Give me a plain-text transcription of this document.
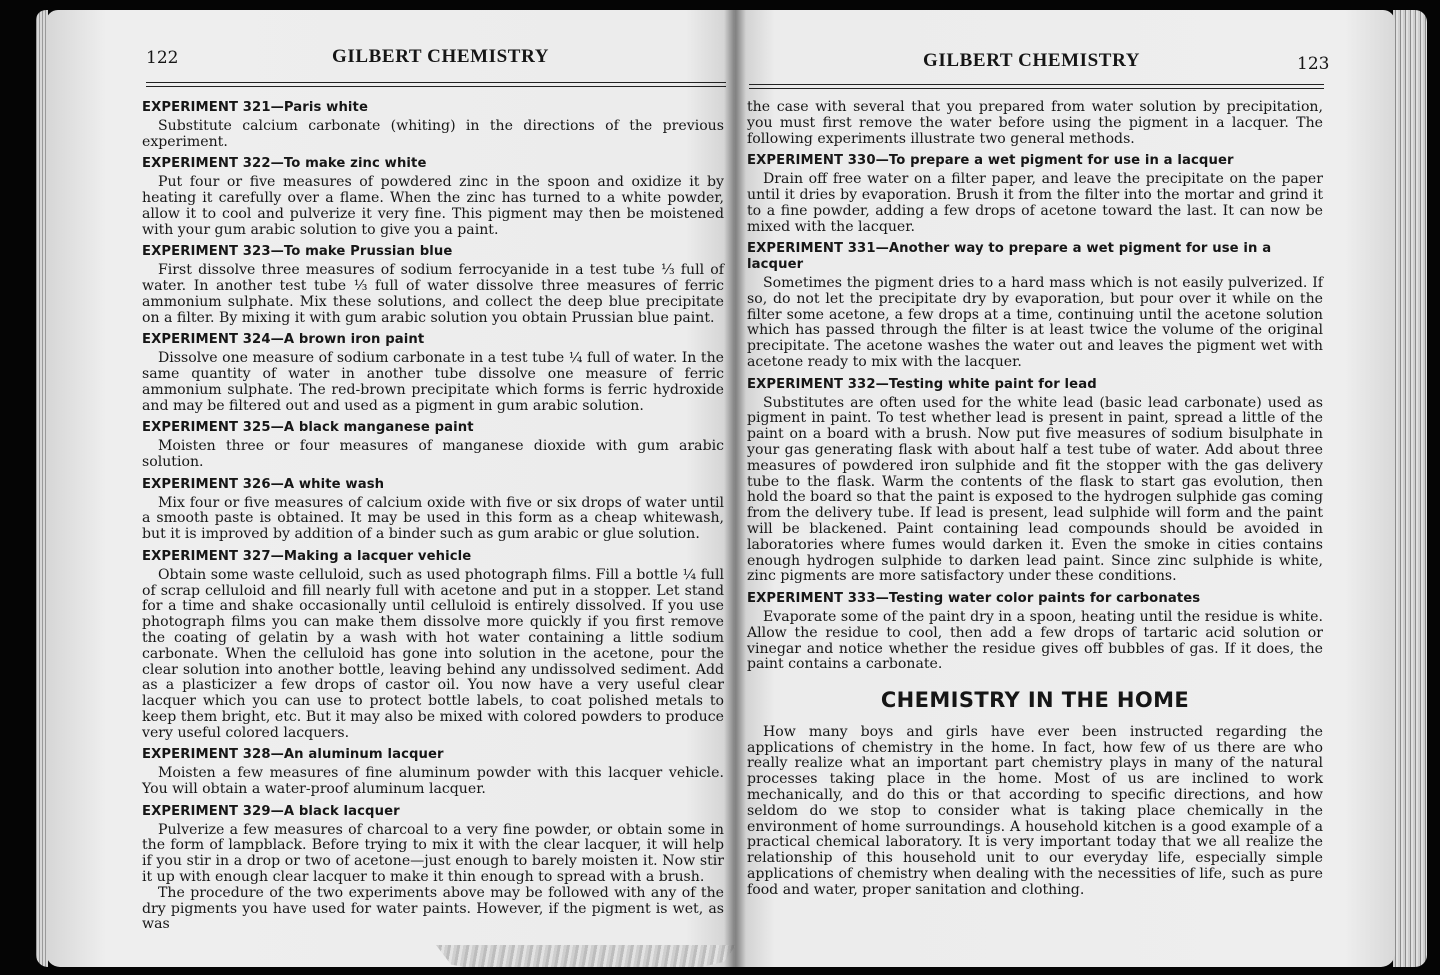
122	GILBERT CHEMISTRY
EXPERIMENT 321—Paris white

Substitute calcium carbonate (whiting) in the directions of the previous experiment.

EXPERIMENT 322—To make zinc white

Put four or five measures of powdered zinc in the spoon and oxidize it by heating it carefully over a flame. When the zinc has turned to a white powder, allow it to cool and pulverize it very fine. This pigment may then be moistened with your gum arabic solution to give you a paint.

EXPERIMENT 323—To make Prussian blue

First dissolve three measures of sodium ferrocyanide in a test tube ⅓ full of water. In another test tube ⅓ full of water dissolve three measures of ferric ammonium sulphate. Mix these solutions, and collect the deep blue precipitate on a filter. By mixing it with gum arabic solution you obtain Prussian blue paint.

EXPERIMENT 324—A brown iron paint

Dissolve one measure of sodium carbonate in a test tube ¼ full of water. In the same quantity of water in another tube dissolve one measure of ferric ammonium sulphate. The red-brown precipitate which forms is ferric hydroxide and may be filtered out and used as a pigment in gum arabic solution.

EXPERIMENT 325—A black manganese paint

Moisten three or four measures of manganese dioxide with gum arabic solution.

EXPERIMENT 326—A white wash

Mix four or five measures of calcium oxide with five or six drops of water until a smooth paste is obtained. It may be used in this form as a cheap whitewash, but it is improved by addition of a binder such as gum arabic or glue solution.

EXPERIMENT 327—Making a lacquer vehicle

Obtain some waste celluloid, such as used photograph films. Fill a bottle ¼ full of scrap celluloid and fill nearly full with acetone and put in a stopper. Let stand for a time and shake occasionally until celluloid is entirely dissolved. If you use photograph films you can make them dissolve more quickly if you first remove the coating of gelatin by a wash with hot water containing a little sodium carbonate. When the celluloid has gone into solution in the acetone, pour the clear solution into another bottle, leaving behind any undissolved sediment. Add as a plasticizer a few drops of castor oil. You now have a very useful clear lacquer which you can use to protect bottle labels, to coat polished metals to keep them bright, etc. But it may also be mixed with colored powders to produce very useful colored lacquers.

EXPERIMENT 328—An aluminum lacquer

Moisten a few measures of fine aluminum powder with this lacquer vehicle. You will obtain a water-proof aluminum lacquer.

EXPERIMENT 329—A black lacquer

Pulverize a few measures of charcoal to a very fine powder, or obtain some in the form of lampblack. Before trying to mix it with the clear lacquer, it will help if you stir in a drop or two of acetone—just enough to barely moisten it. Now stir it up with enough clear lacquer to make it thin enough to spread with a brush.

The procedure of the two experiments above may be followed with any of the dry pigments you have used for water paints. However, if the pigment is wet, as was

GILBERT CHEMISTRY	123

the case with several that you prepared from water solution by precipitation, you must first remove the water before using the pigment in a lacquer. The following experiments illustrate two general methods.

EXPERIMENT 330—To prepare a wet pigment for use in a lacquer

Drain off free water on a filter paper, and leave the precipitate on the paper until it dries by evaporation. Brush it from the filter into the mortar and grind it to a fine powder, adding a few drops of acetone toward the last. It can now be mixed with the lacquer.

EXPERIMENT 331—Another way to prepare a wet pigment for use in a lacquer

Sometimes the pigment dries to a hard mass which is not easily pulverized. If so, do not let the precipitate dry by evaporation, but pour over it while on the filter some acetone, a few drops at a time, continuing until the acetone solution which has passed through the filter is at least twice the volume of the original precipitate. The acetone washes the water out and leaves the pigment wet with acetone ready to mix with the lacquer.

EXPERIMENT 332—Testing white paint for lead

Substitutes are often used for the white lead (basic lead carbonate) used as pigment in paint. To test whether lead is present in paint, spread a little of the paint on a board with a brush. Now put five measures of sodium bisulphate in your gas generating flask with about half a test tube of water. Add about three measures of powdered iron sulphide and fit the stopper with the gas delivery tube to the flask. Warm the contents of the flask to start gas evolution, then hold the board so that the paint is exposed to the hydrogen sulphide gas coming from the delivery tube. If lead is present, lead sulphide will form and the paint will be blackened. Paint containing lead compounds should be avoided in laboratories where fumes would darken it. Even the smoke in cities contains enough hydrogen sulphide to darken lead paint. Since zinc sulphide is white, zinc pigments are more satisfactory under these conditions.

EXPERIMENT 333—Testing water color paints for carbonates

Evaporate some of the paint dry in a spoon, heating until the residue is white. Allow the residue to cool, then add a few drops of tartaric acid solution or vinegar and notice whether the residue gives off bubbles of gas. If it does, the paint contains a carbonate.

CHEMISTRY IN THE HOME

How many boys and girls have ever been instructed regarding the applications of chemistry in the home. In fact, how few of us there are who really realize what an important part chemistry plays in many of the natural processes taking place in the home. Most of us are inclined to work mechanically, and do this or that according to specific directions, and how seldom do we stop to consider what is taking place chemically in the environment of home surroundings. A household kitchen is a good example of a practical chemical laboratory. It is very important today that we all realize the relationship of this household unit to our everyday life, especially simple applications of chemistry when dealing with the necessities of life, such as pure food and water, proper sanitation and clothing.
